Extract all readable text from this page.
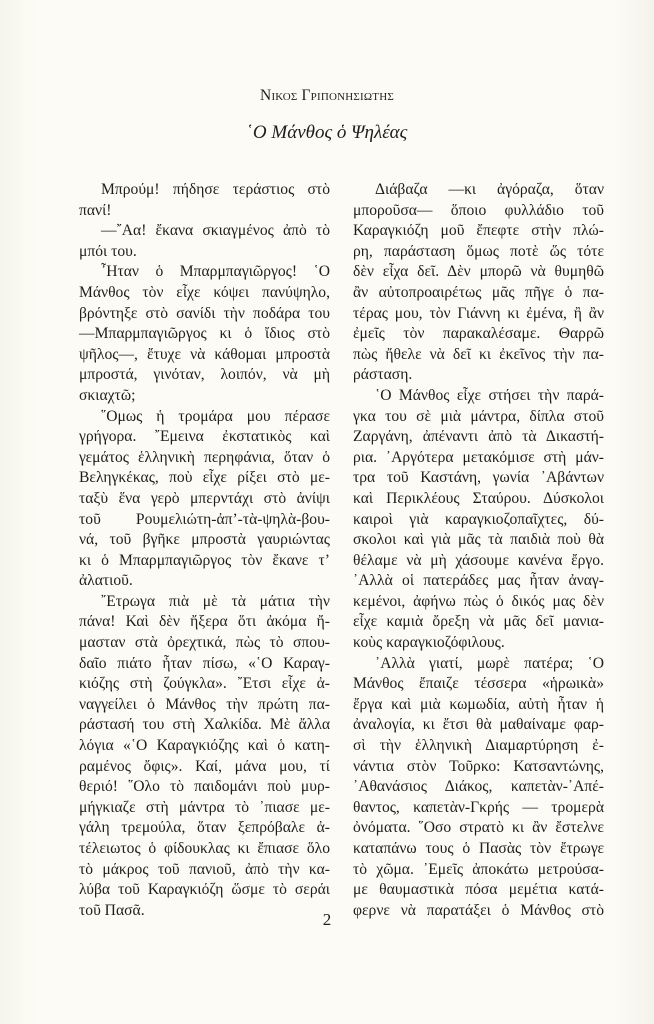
Νικος Γριπονησιωτης
῾Ο Μάνθος ὁ Ψηλέας
Μπρούμ! πήδησε τεράστιος στὸ
πανί!
—῎Αα! ἔκανα σκιαγμένος ἀπὸ τὸ
μπόι του.
῏Ηταν ὁ Μπαρμπαγιῶργος! ῾Ο
Μάνθος τὸν εἶχε κόψει πανύψηλο,
βρόντηξε στὸ σανίδι τὴν ποδάρα του
—Μπαρμπαγιῶργος κι ὁ ἴδιος στὸ
ψῆλος—, ἔτυχε νὰ κάθομαι μπροστὰ
μπροστά, γινόταν, λοιπόν, νὰ μὴ
σκιαχτῶ;
῞Ομως ἡ τρομάρα μου πέρασε
γρήγορα. ῎Εμεινα ἐκστατικὸς καὶ
γεμάτος ἑλληνικὴ περηφάνια, ὅταν ὁ
Βεληγκέκας, ποὺ εἶχε ρίξει στὸ με-
ταξὺ ἕνα γερὸ μπερντάχι στὸ ἀνίψι
τοῦ Ρουμελιώτη-ἀπ’-τὰ-ψηλὰ-βου-
νά, τοῦ βγῆκε μπροστὰ γαυριώντας
κι ὁ Μπαρμπαγιῶργος τὸν ἔκανε τ’
ἀλατιοῦ.
῎Ετρωγα πιὰ μὲ τὰ μάτια τὴν
πάνα! Καὶ δὲν ἤξερα ὅτι ἀκόμα ἤ-
μασταν στὰ ὀρεχτικά, πὼς τὸ σπου-
δαῖο πιάτο ἦταν πίσω, «῾Ο Καραγ-
κιόζης στὴ ζούγκλα». ῎Ετσι εἶχε ἀ-
ναγγείλει ὁ Μάνθος τὴν πρώτη πα-
ράστασή του στὴ Χαλκίδα. Μὲ ἄλλα
λόγια «῾Ο Καραγκιόζης καὶ ὁ κατη-
ραμένος ὄφις». Καί, μάνα μου, τί
θεριό! ῞Ολο τὸ παιδομάνι ποὺ μυρ-
μήγκιαζε στὴ μάντρα τὸ ᾽πιασε με-
γάλη τρεμούλα, ὅταν ξεπρόβαλε ἀ-
τέλειωτος ὁ φίδουκλας κι ἔπιασε ὅλο
τὸ μάκρος τοῦ πανιοῦ, ἀπὸ τὴν κα-
λύβα τοῦ Καραγκιόζη ὥσμε τὸ σεράι
τοῦ Πασᾶ.
Διάβαζα —κι ἀγόραζα, ὅταν
μποροῦσα— ὅποιο φυλλάδιο τοῦ
Καραγκιόζη μοῦ ἔπεφτε στὴν πλώ-
ρη, παράσταση ὅμως ποτὲ ὥς τότε
δὲν εἶχα δεῖ. Δὲν μπορῶ νὰ θυμηθῶ
ἂν αὐτοπροαιρέτως μᾶς πῆγε ὁ πα-
τέρας μου, τὸν Γιάννη κι ἐμένα, ἢ ἂν
ἐμεῖς τὸν παρακαλέσαμε. Θαρρῶ
πὼς ἤθελε νὰ δεῖ κι ἐκεῖνος τὴν πα-
ράσταση.
῾Ο Μάνθος εἶχε στήσει τὴν παρά-
γκα του σὲ μιὰ μάντρα, δίπλα στοῦ
Ζαργάνη, ἀπέναντι ἀπὸ τὰ Δικαστή-
ρια. ᾿Αργότερα μετακόμισε στὴ μάν-
τρα τοῦ Καστάνη, γωνία ᾿Αβάντων
καὶ Περικλέους Σταύρου. Δύσκολοι
καιροὶ γιὰ καραγκιοζοπαῖχτες, δύ-
σκολοι καὶ γιὰ μᾶς τὰ παιδιὰ ποὺ θὰ
θέλαμε νὰ μὴ χάσουμε κανένα ἔργο.
᾿Αλλὰ οἱ πατεράδες μας ἦταν ἀναγ-
κεμένοι, ἀφήνω πὼς ὁ δικός μας δὲν
εἶχε καμιὰ ὄρεξη νὰ μᾶς δεῖ μανια-
κοὺς καραγκιοζόφιλους.
᾿Αλλὰ γιατί, μωρὲ πατέρα; ῾Ο
Μάνθος ἔπαιζε τέσσερα «ἡρωικὰ»
ἔργα καὶ μιὰ κωμωδία, αὐτὴ ἦταν ἡ
ἀναλογία, κι ἔτσι θὰ μαθαίναμε φαρ-
σὶ τὴν ἑλληνικὴ Διαμαρτύρηση ἐ-
νάντια στὸν Τοῦρκο: Κατσαντώνης,
᾿Αθανάσιος Διάκος, καπετὰν-᾿Απέ-
θαντος, καπετὰν-Γκρής — τρομερὰ
ὀνόματα. ῞Οσο στρατὸ κι ἂν ἔστελνε
καταπάνω τους ὁ Πασὰς τὸν ἔτρωγε
τὸ χῶμα. ᾿Εμεῖς ἀποκάτω μετρούσα-
με θαυμαστικὰ πόσα μεμέτια κατά-
φερνε νὰ παρατάξει ὁ Μάνθος στὸ
2
